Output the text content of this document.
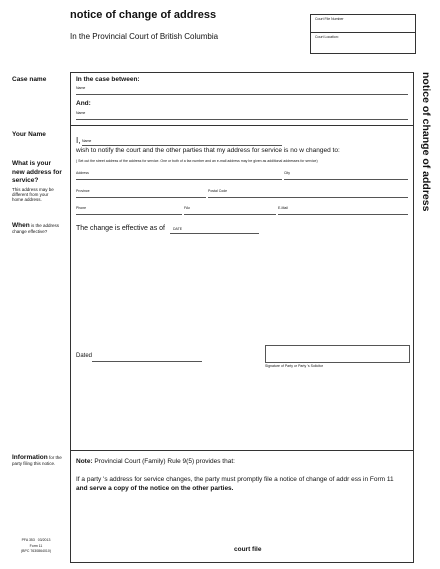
notice of change of address
In the Provincial Court of British Columbia
Court File Number
Court Location:
notice of change of address
Case name
Your Name
What is your new address for service?
This address may be different from your home address.
When is the address change effective?
Information for the party filing this notice.
In the case between:
Name
And:
Name
I, Name
wish to notify the court and the other parties that my address for service is no w changed to:
( Set out the street address of the address for service. One or both of a fax number and an e-mail address may be given as additional addresses for service)
Address	City
Province	Postal Code
Phone	FAx	E-Mail
The change is effective as of DATE
Dated
Signature of Party or Party 's Solicitor
Note: Provincial Court (Family) Rule 9(5) provides that:
If a party 's address for service changes, the party must promptly file a notice of change of addr ess in Form 11 and serve a copy of the notice on the other parties.
PFA 353 03/2013
Form 11
(BPC 7630864010)	court file
